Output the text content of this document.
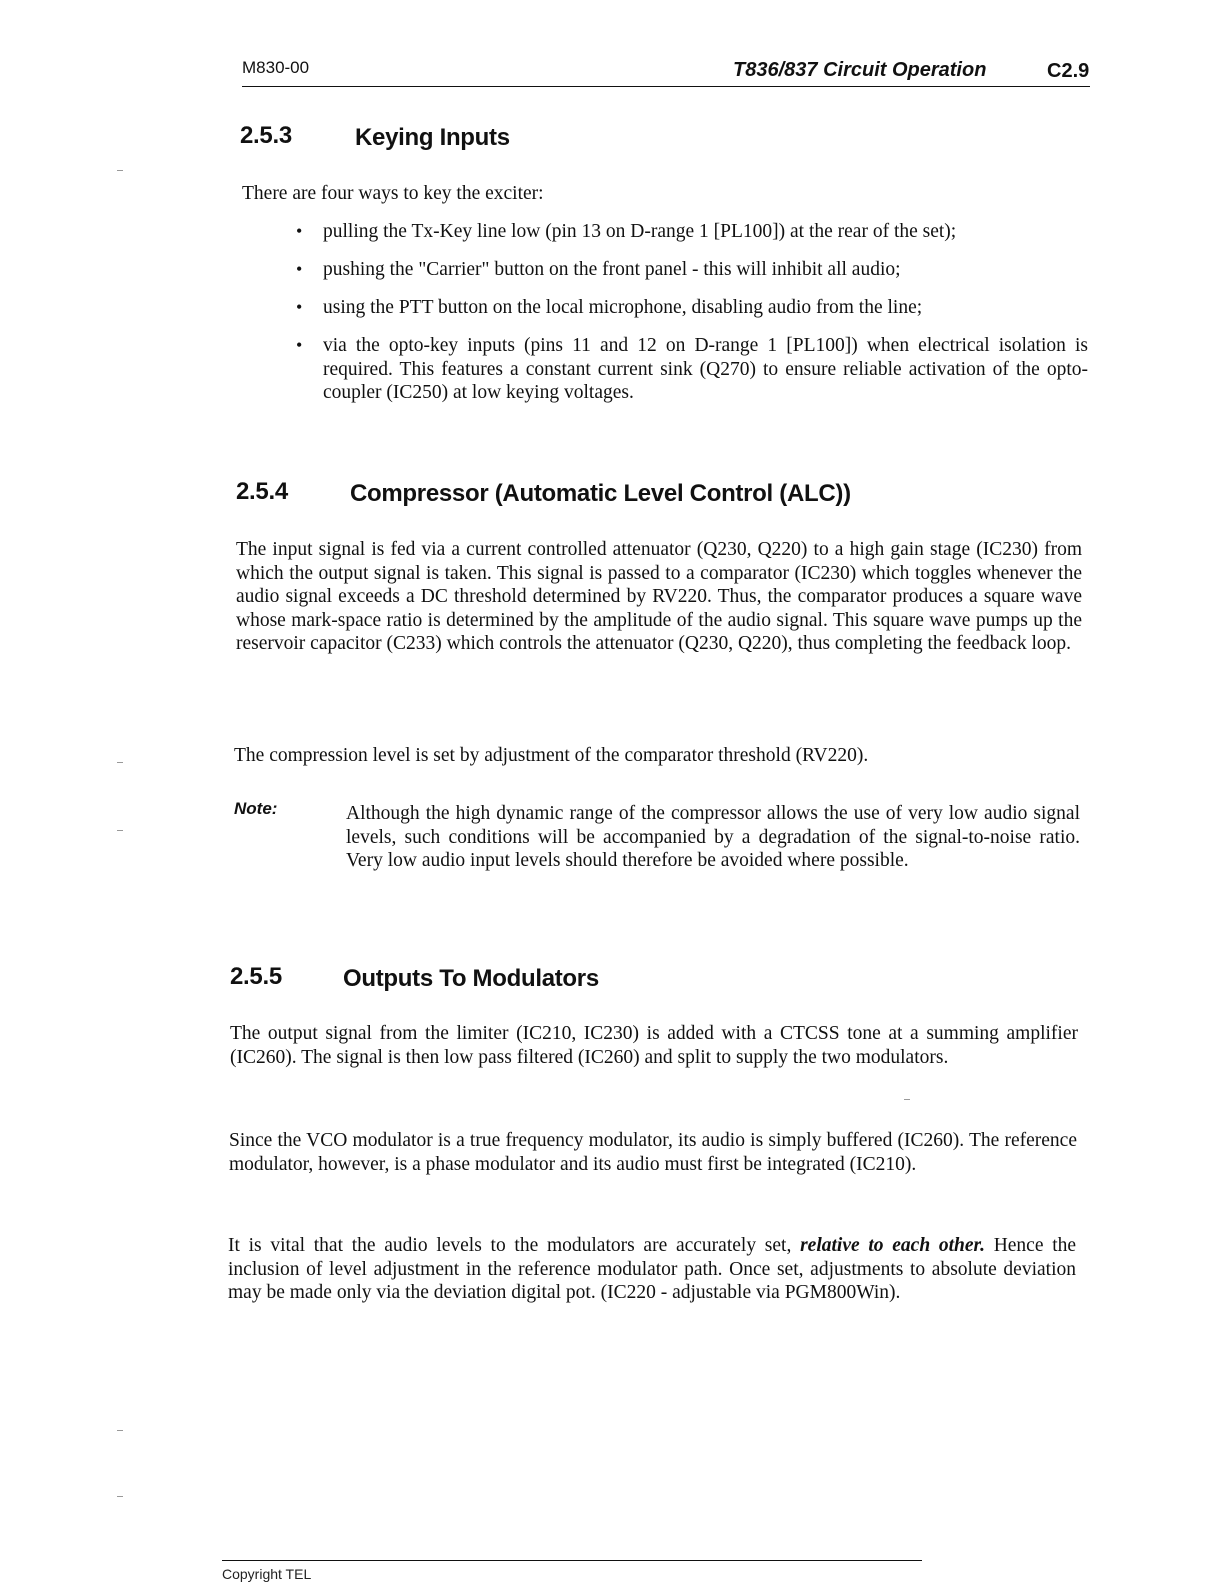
M830-00	T836/837 Circuit Operation	C2.9
2.5.3	Keying Inputs
There are four ways to key the exciter:
• pulling the Tx-Key line low (pin 13 on D-range 1 [PL100]) at the rear of the set);
• pushing the "Carrier" button on the front panel - this will inhibit all audio;
• using the PTT button on the local microphone, disabling audio from the line;
• via the opto-key inputs (pins 11 and 12 on D-range 1 [PL100]) when electrical isolation is required. This features a constant current sink (Q270) to ensure reliable activation of the opto-coupler (IC250) at low keying voltages.
2.5.4	Compressor (Automatic Level Control (ALC))
The input signal is fed via a current controlled attenuator (Q230, Q220) to a high gain stage (IC230) from which the output signal is taken. This signal is passed to a comparator (IC230) which toggles whenever the audio signal exceeds a DC threshold determined by RV220. Thus, the comparator produces a square wave whose mark-space ratio is determined by the amplitude of the audio signal. This square wave pumps up the reservoir capacitor (C233) which controls the attenuator (Q230, Q220), thus completing the feedback loop.
The compression level is set by adjustment of the comparator threshold (RV220).
Note:	Although the high dynamic range of the compressor allows the use of very low audio signal levels, such conditions will be accompanied by a degradation of the signal-to-noise ratio. Very low audio input levels should therefore be avoided where possible.
2.5.5	Outputs To Modulators
The output signal from the limiter (IC210, IC230) is added with a CTCSS tone at a summing amplifier (IC260). The signal is then low pass filtered (IC260) and split to supply the two modulators.
Since the VCO modulator is a true frequency modulator, its audio is simply buffered (IC260). The reference modulator, however, is a phase modulator and its audio must first be integrated (IC210).
It is vital that the audio levels to the modulators are accurately set, relative to each other. Hence the inclusion of level adjustment in the reference modulator path. Once set, adjustments to absolute deviation may be made only via the deviation digital pot. (IC220 - adjustable via PGM800Win).
Copyright TEL
